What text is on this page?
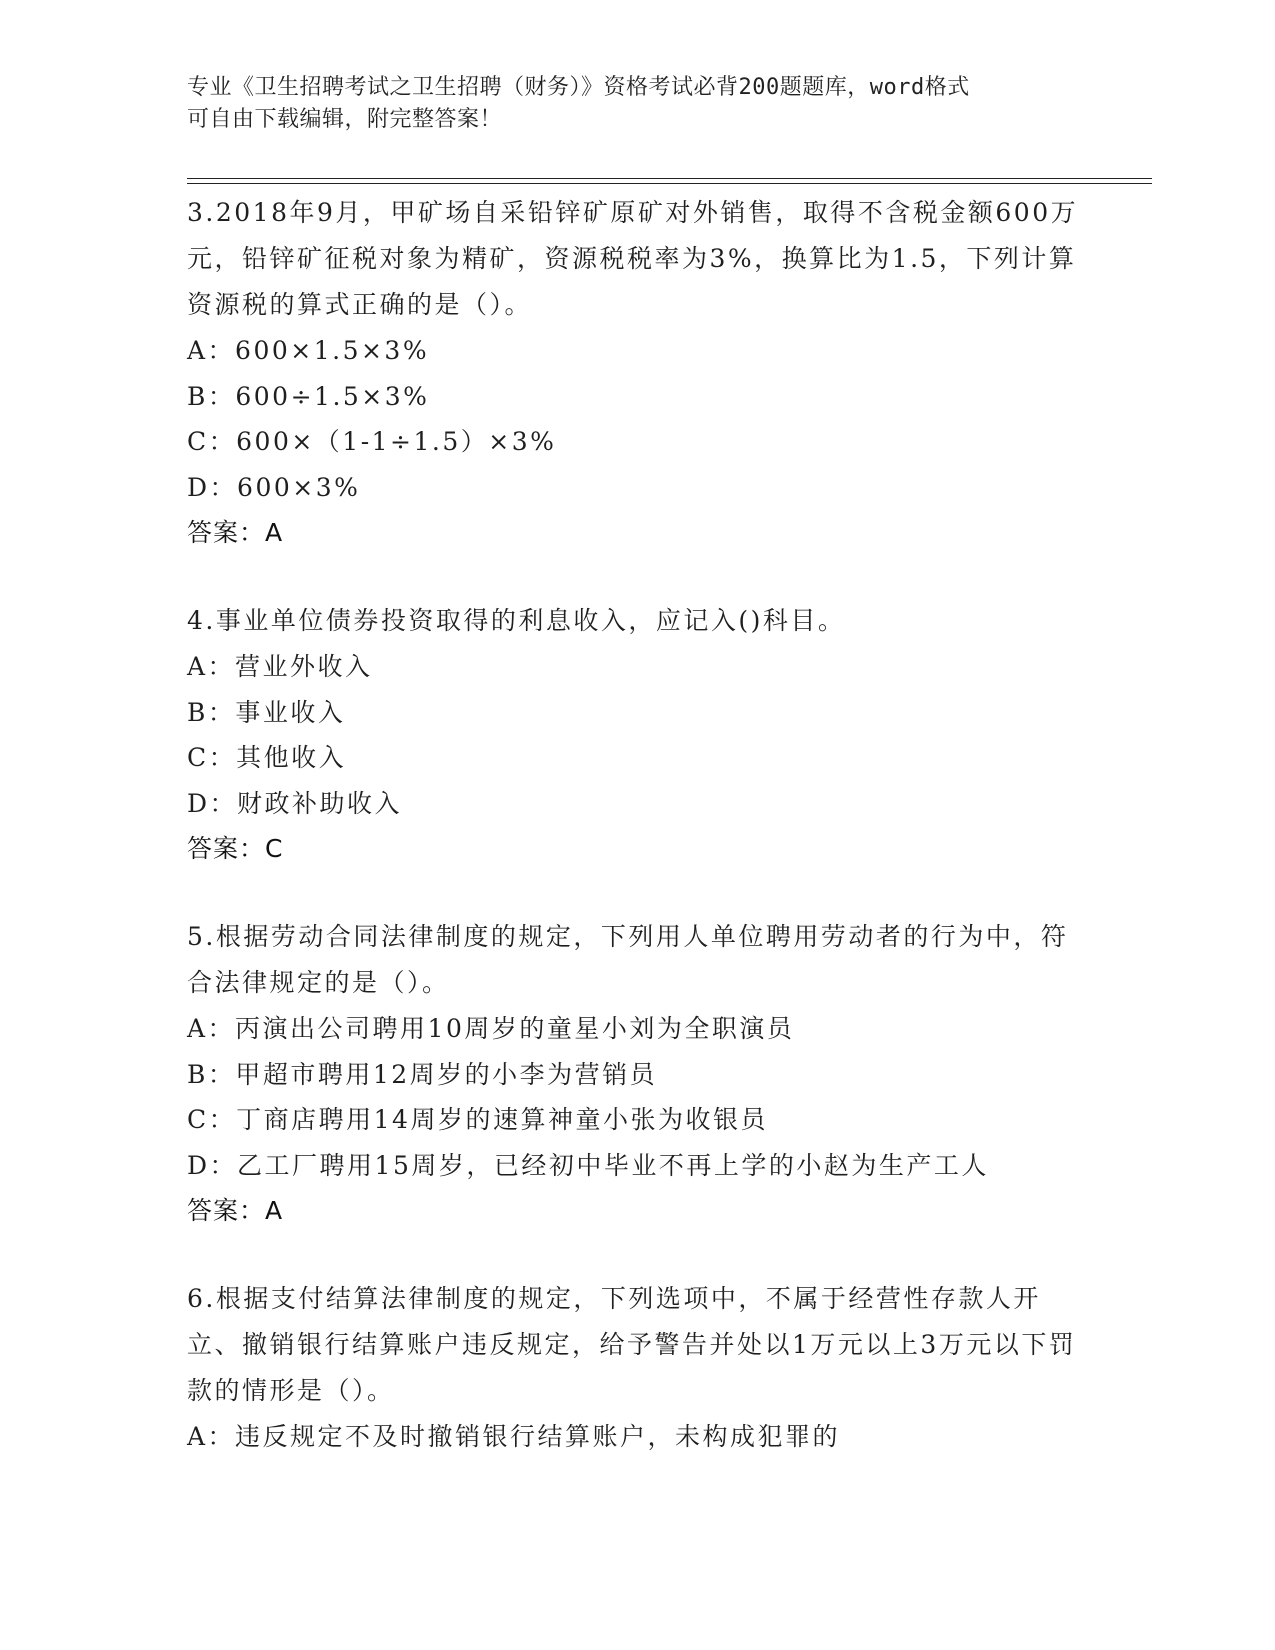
专业《卫生招聘考试之卫生招聘（财务）》资格考试必背200题题库，word格式

可自由下载编辑，附完整答案！

3.2018年9月，甲矿场自采铅锌矿原矿对外销售，取得不含税金额600万元，铅锌矿征税对象为精矿，资源税税率为3%，换算比为1.5，下列计算资源税的算式正确的是（）。

A：600×1.5×3%

B：600÷1.5×3%

C：600×（1-1÷1.5）×3%

D：600×3%

答案：A

4.事业单位债券投资取得的利息收入，应记入()科目。

A：营业外收入

B：事业收入

C：其他收入

D：财政补助收入

答案：C

5.根据劳动合同法律制度的规定，下列用人单位聘用劳动者的行为中，符合法律规定的是（）。

A：丙演出公司聘用10周岁的童星小刘为全职演员

B：甲超市聘用12周岁的小李为营销员

C：丁商店聘用14周岁的速算神童小张为收银员

D：乙工厂聘用15周岁，已经初中毕业不再上学的小赵为生产工人

答案：A

6.根据支付结算法律制度的规定，下列选项中，不属于经营性存款人开立、撤销银行结算账户违反规定，给予警告并处以1万元以上3万元以下罚款的情形是（）。

A：违反规定不及时撤销银行结算账户，未构成犯罪的
